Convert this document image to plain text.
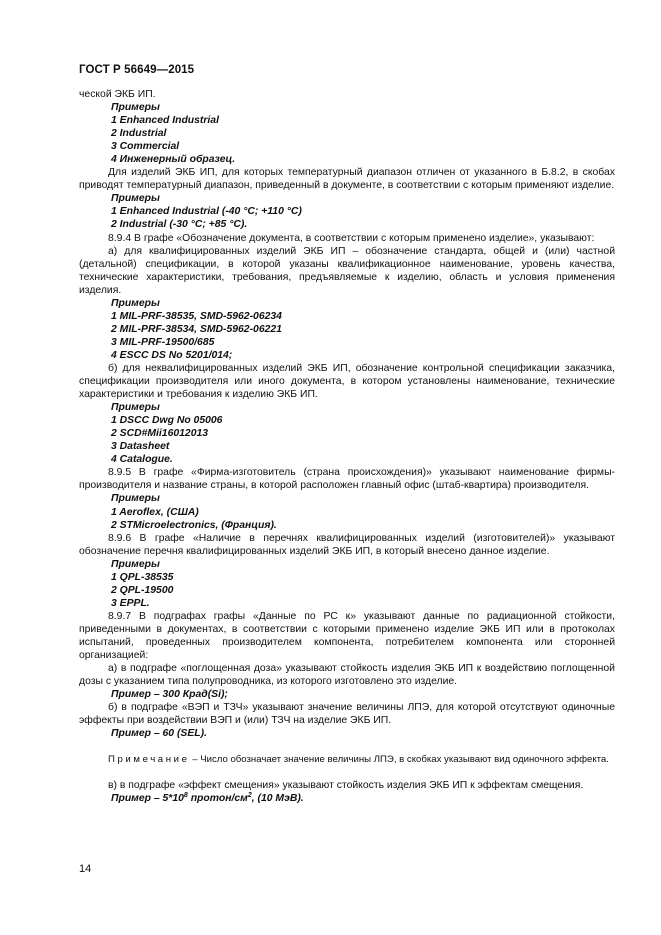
ГОСТ Р 56649—2015

ческой ЭКБ ИП.

Примеры

1 Enhanced Industrial

2 Industrial

3 Commercial

4 Инженерный образец.

Для изделий ЭКБ ИП, для которых температурный диапазон отличен от указанного в Б.8.2, в скобах приводят температурный диапазон, приведенный в документе, в соответствии с которым применяют изделие.

Примеры

1 Enhanced Industrial (-40 °С; +110 °С)

2 Industrial (-30 °С; +85 °С).

8.9.4 В графе «Обозначение документа, в соответствии с которым применено изделие», указывают:

а) для квалифицированных изделий ЭКБ ИП – обозначение стандарта, общей и (или) частной (детальной) спецификации, в которой указаны квалификационное наименование, уровень качества, технические характеристики, требования, предъявляемые к изделию, область и условия применения изделия.

Примеры

1 MIL-PRF-38535, SMD-5962-06234

2 MIL-PRF-38534, SMD-5962-06221

3 MIL-PRF-19500/685

4 ESCC DS No 5201/014;

б) для неквалифицированных изделий ЭКБ ИП, обозначение контрольной спецификации заказчика, спецификации производителя или иного документа, в котором установлены наименование, технические характеристики и требования к изделию ЭКБ ИП.

Примеры

1 DSCC Dwg No 05006

2 SCD#Mii16012013

3 Datasheet

4 Catalogue.

8.9.5 В графе «Фирма-изготовитель (страна происхождения)» указывают наименование фирмы-производителя и название страны, в которой расположен главный офис (штаб-квартира) производителя.

Примеры

1 Aeroflex, (США)

2 STMicroelectronics, (Франция).

8.9.6 В графе «Наличие в перечнях квалифицированных изделий (изготовителей)» указывают обозначение перечня квалифицированных изделий ЭКБ ИП, в который внесено данное изделие.

Примеры

1 QPL-38535

2 QPL-19500

3 EPPL.

8.9.7 В подграфах графы «Данные по РС к» указывают данные по радиационной стойкости, приведенными в документах, в соответствии с которыми применено изделие ЭКБ ИП или в протоколах испытаний, проведенных производителем компонента, потребителем компонента или сторонней организацией:

а) в подграфе «поглощенная доза» указывают стойкость изделия ЭКБ ИП к воздействию поглощенной дозы с указанием типа полупроводника, из которого изготовлено это изделие.

Пример – 300 Крад(Si);

б) в подграфе «ВЭП и ТЗЧ» указывают значение величины ЛПЭ, для которой отсутствуют одиночные эффекты при воздействии ВЭП и (или) ТЗЧ на изделие ЭКБ ИП.

Пример – 60 (SEL).

Примечание – Число обозначает значение величины ЛПЭ, в скобках указывают вид одиночного эффекта.

в) в подграфе «эффект смещения» указывают стойкость изделия ЭКБ ИП к эффектам смещения.

Пример – $5*10^8$ протон/$см^2$, (10 МэВ).

14
